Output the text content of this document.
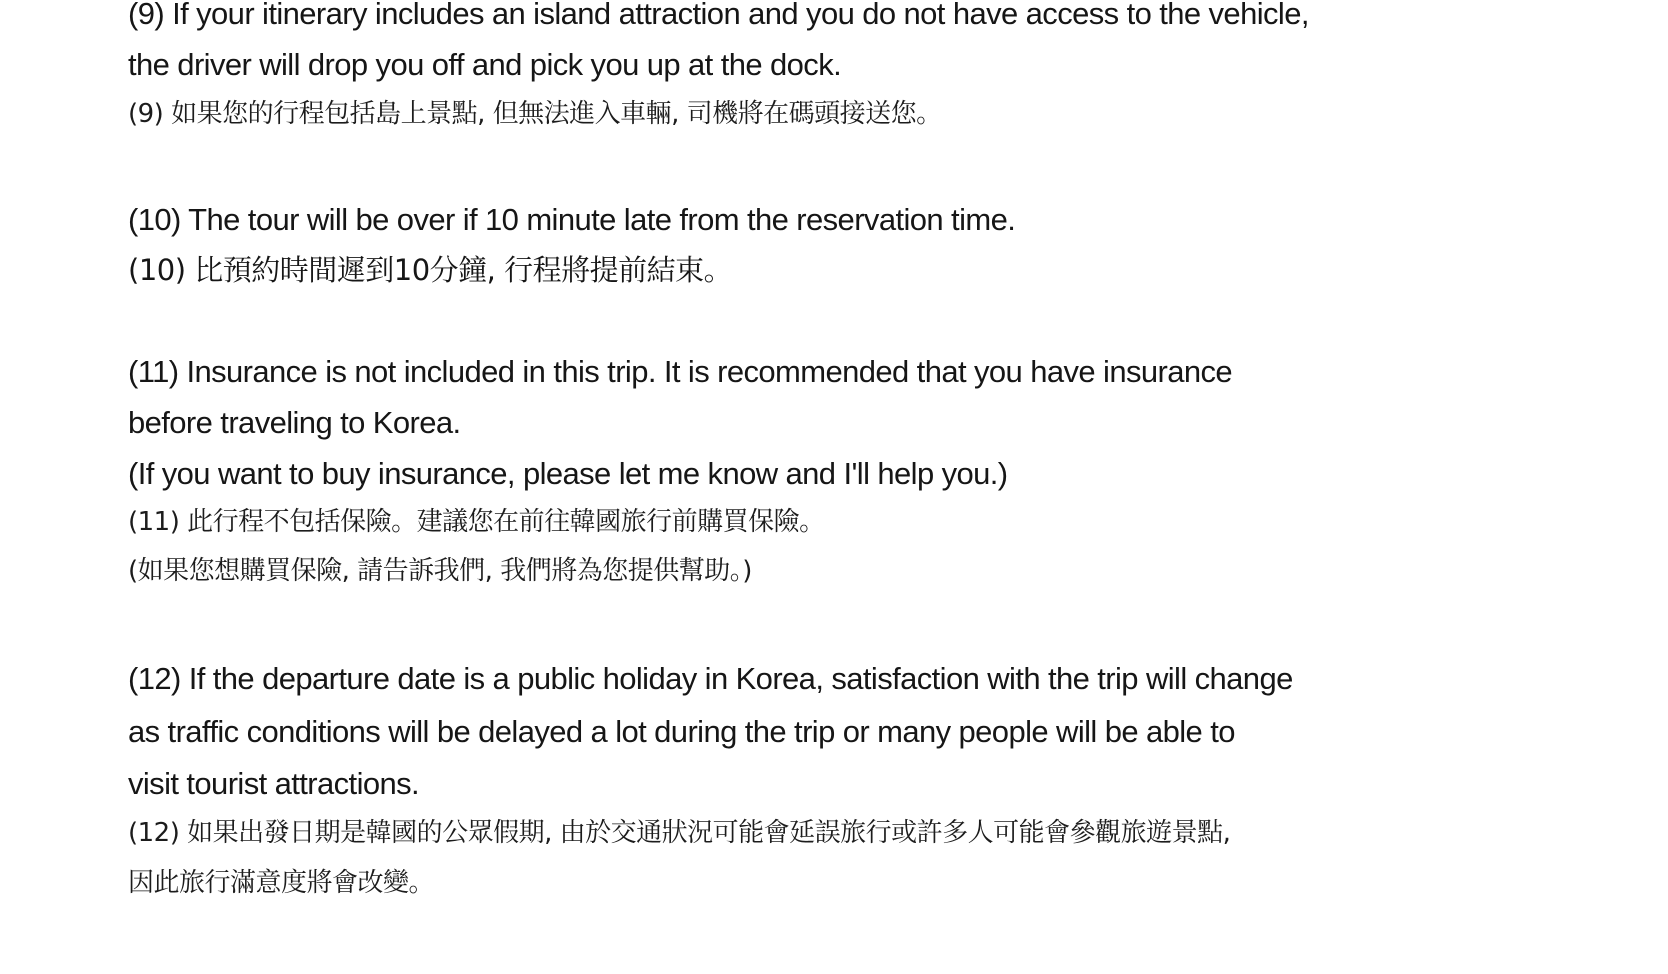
(9) If your itinerary includes an island attraction and you do not have access to the vehicle,
the driver will drop you off and pick you up at the dock.
(9) 如果您的行程包括島上景點, 但無法進入車輛, 司機將在碼頭接送您。
(10) The tour will be over if 10 minute late from the reservation time.
(10) 比預約時間遲到10分鐘, 行程將提前結束。
(11) Insurance is not included in this trip. It is recommended that you have insurance
before traveling to Korea.
(If you want to buy insurance, please let me know and I'll help you.)
(11) 此行程不包括保險。建議您在前往韓國旅行前購買保險。
(如果您想購買保險, 請告訴我們, 我們將為您提供幫助。)
(12) If the departure date is a public holiday in Korea, satisfaction with the trip will change
as traffic conditions will be delayed a lot during the trip or many people will be able to
visit tourist attractions.
(12) 如果出發日期是韓國的公眾假期, 由於交通狀況可能會延誤旅行或許多人可能會參觀旅遊景點,
因此旅行滿意度將會改變。
